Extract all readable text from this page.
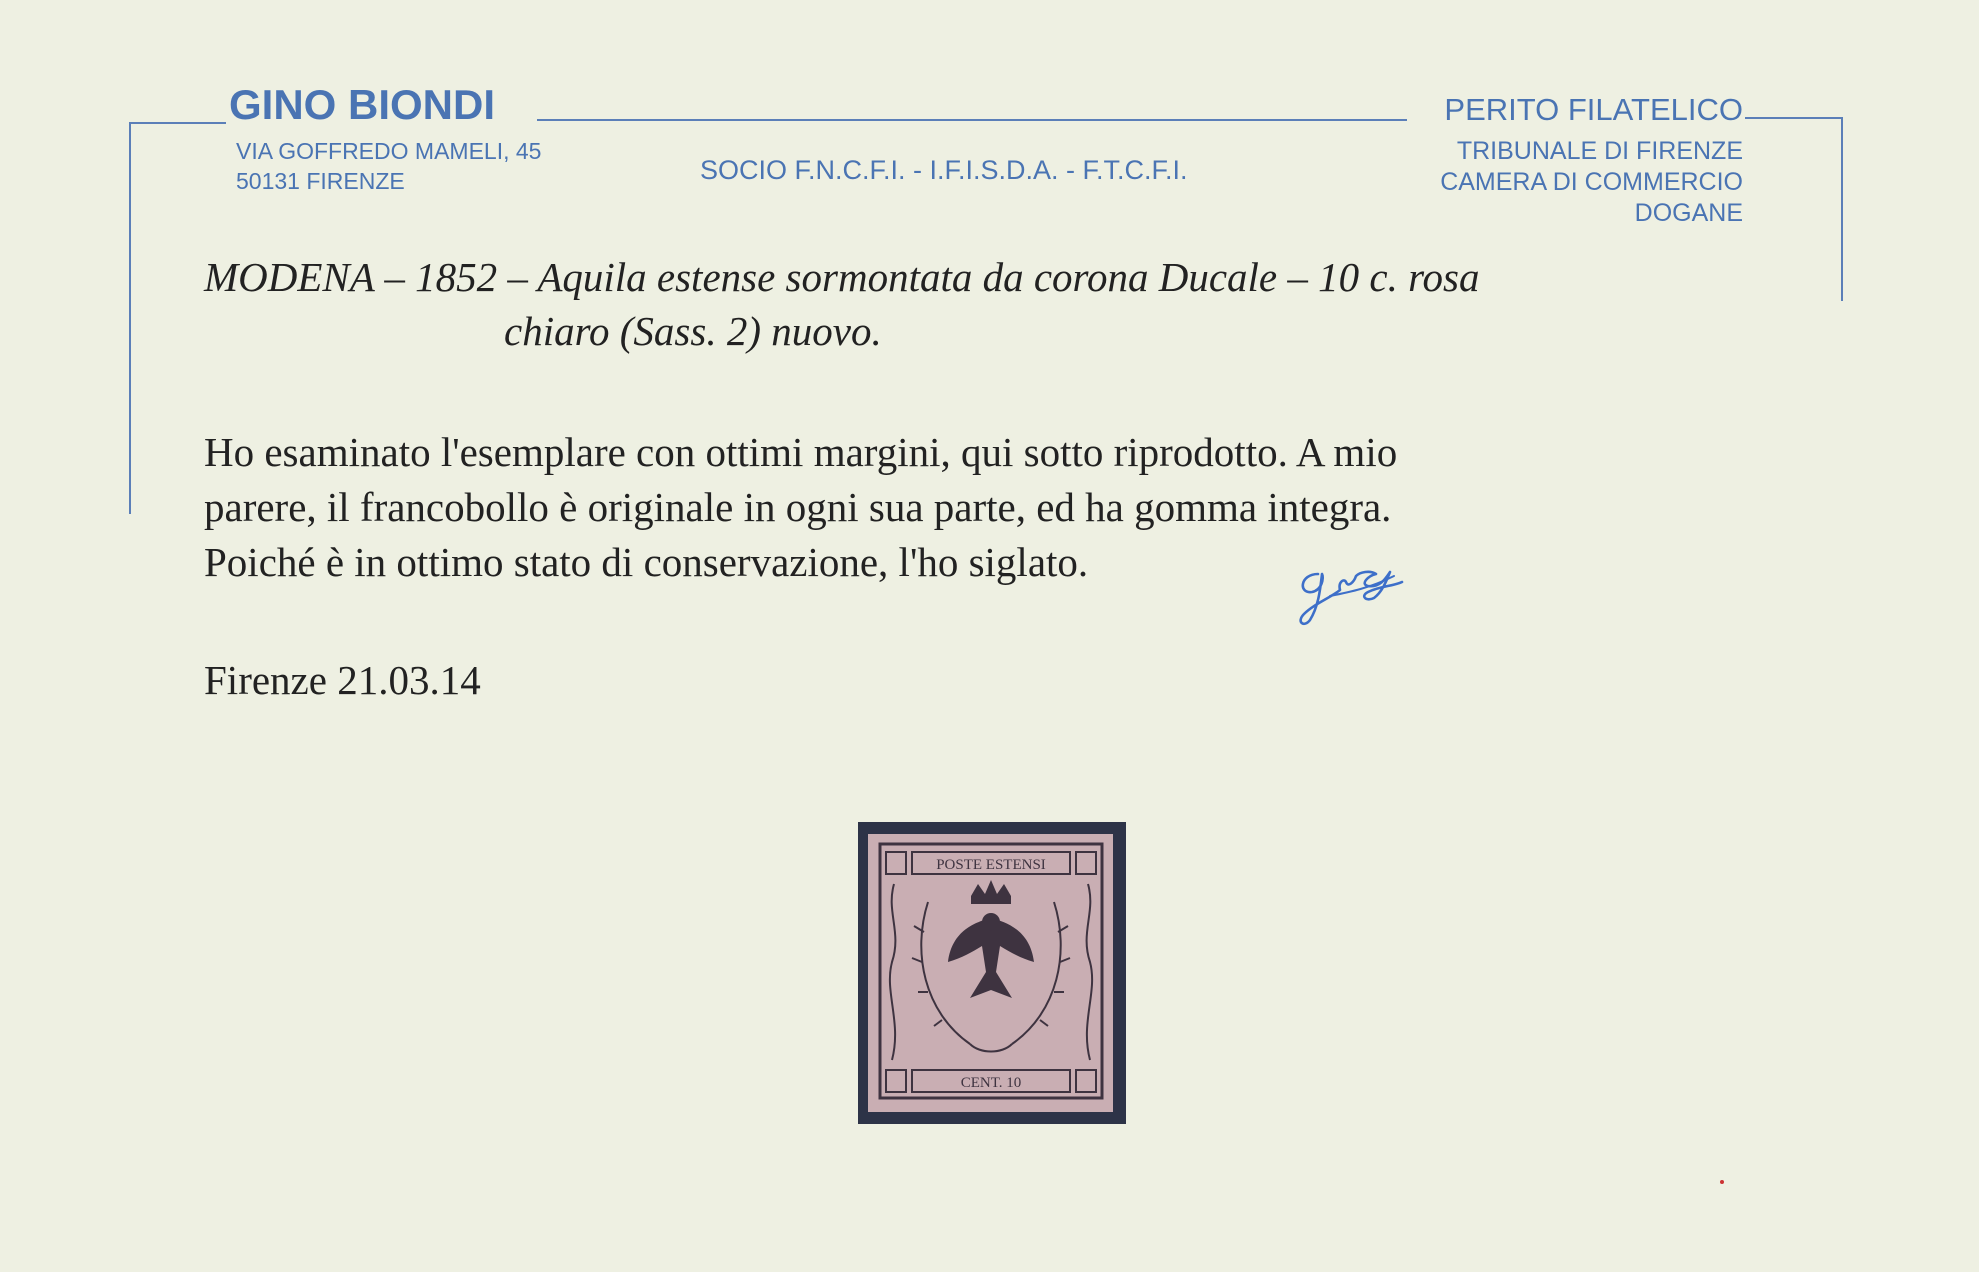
GINO BIONDI
VIA GOFFREDO MAMELI, 45
50131 FIRENZE	SOCIO F.N.C.F.I. - I.F.I.S.D.A. - F.T.C.F.I.
PERITO FILATELICO
TRIBUNALE DI FIRENZE
CAMERA DI COMMERCIO
DOGANE
MODENA – 1852 – Aquila estense sormontata da corona Ducale – 10 c. rosa
chiaro (Sass. 2) nuovo.
Ho esaminato l'esemplare con ottimi margini, qui sotto riprodotto. A mio
parere, il francobollo è originale in ogni sua parte, ed ha gomma integra.
Poiché è in ottimo stato di conservazione, l'ho siglato.
Firenze 21.03.14
POSTE ESTENSI
CENT. 10
